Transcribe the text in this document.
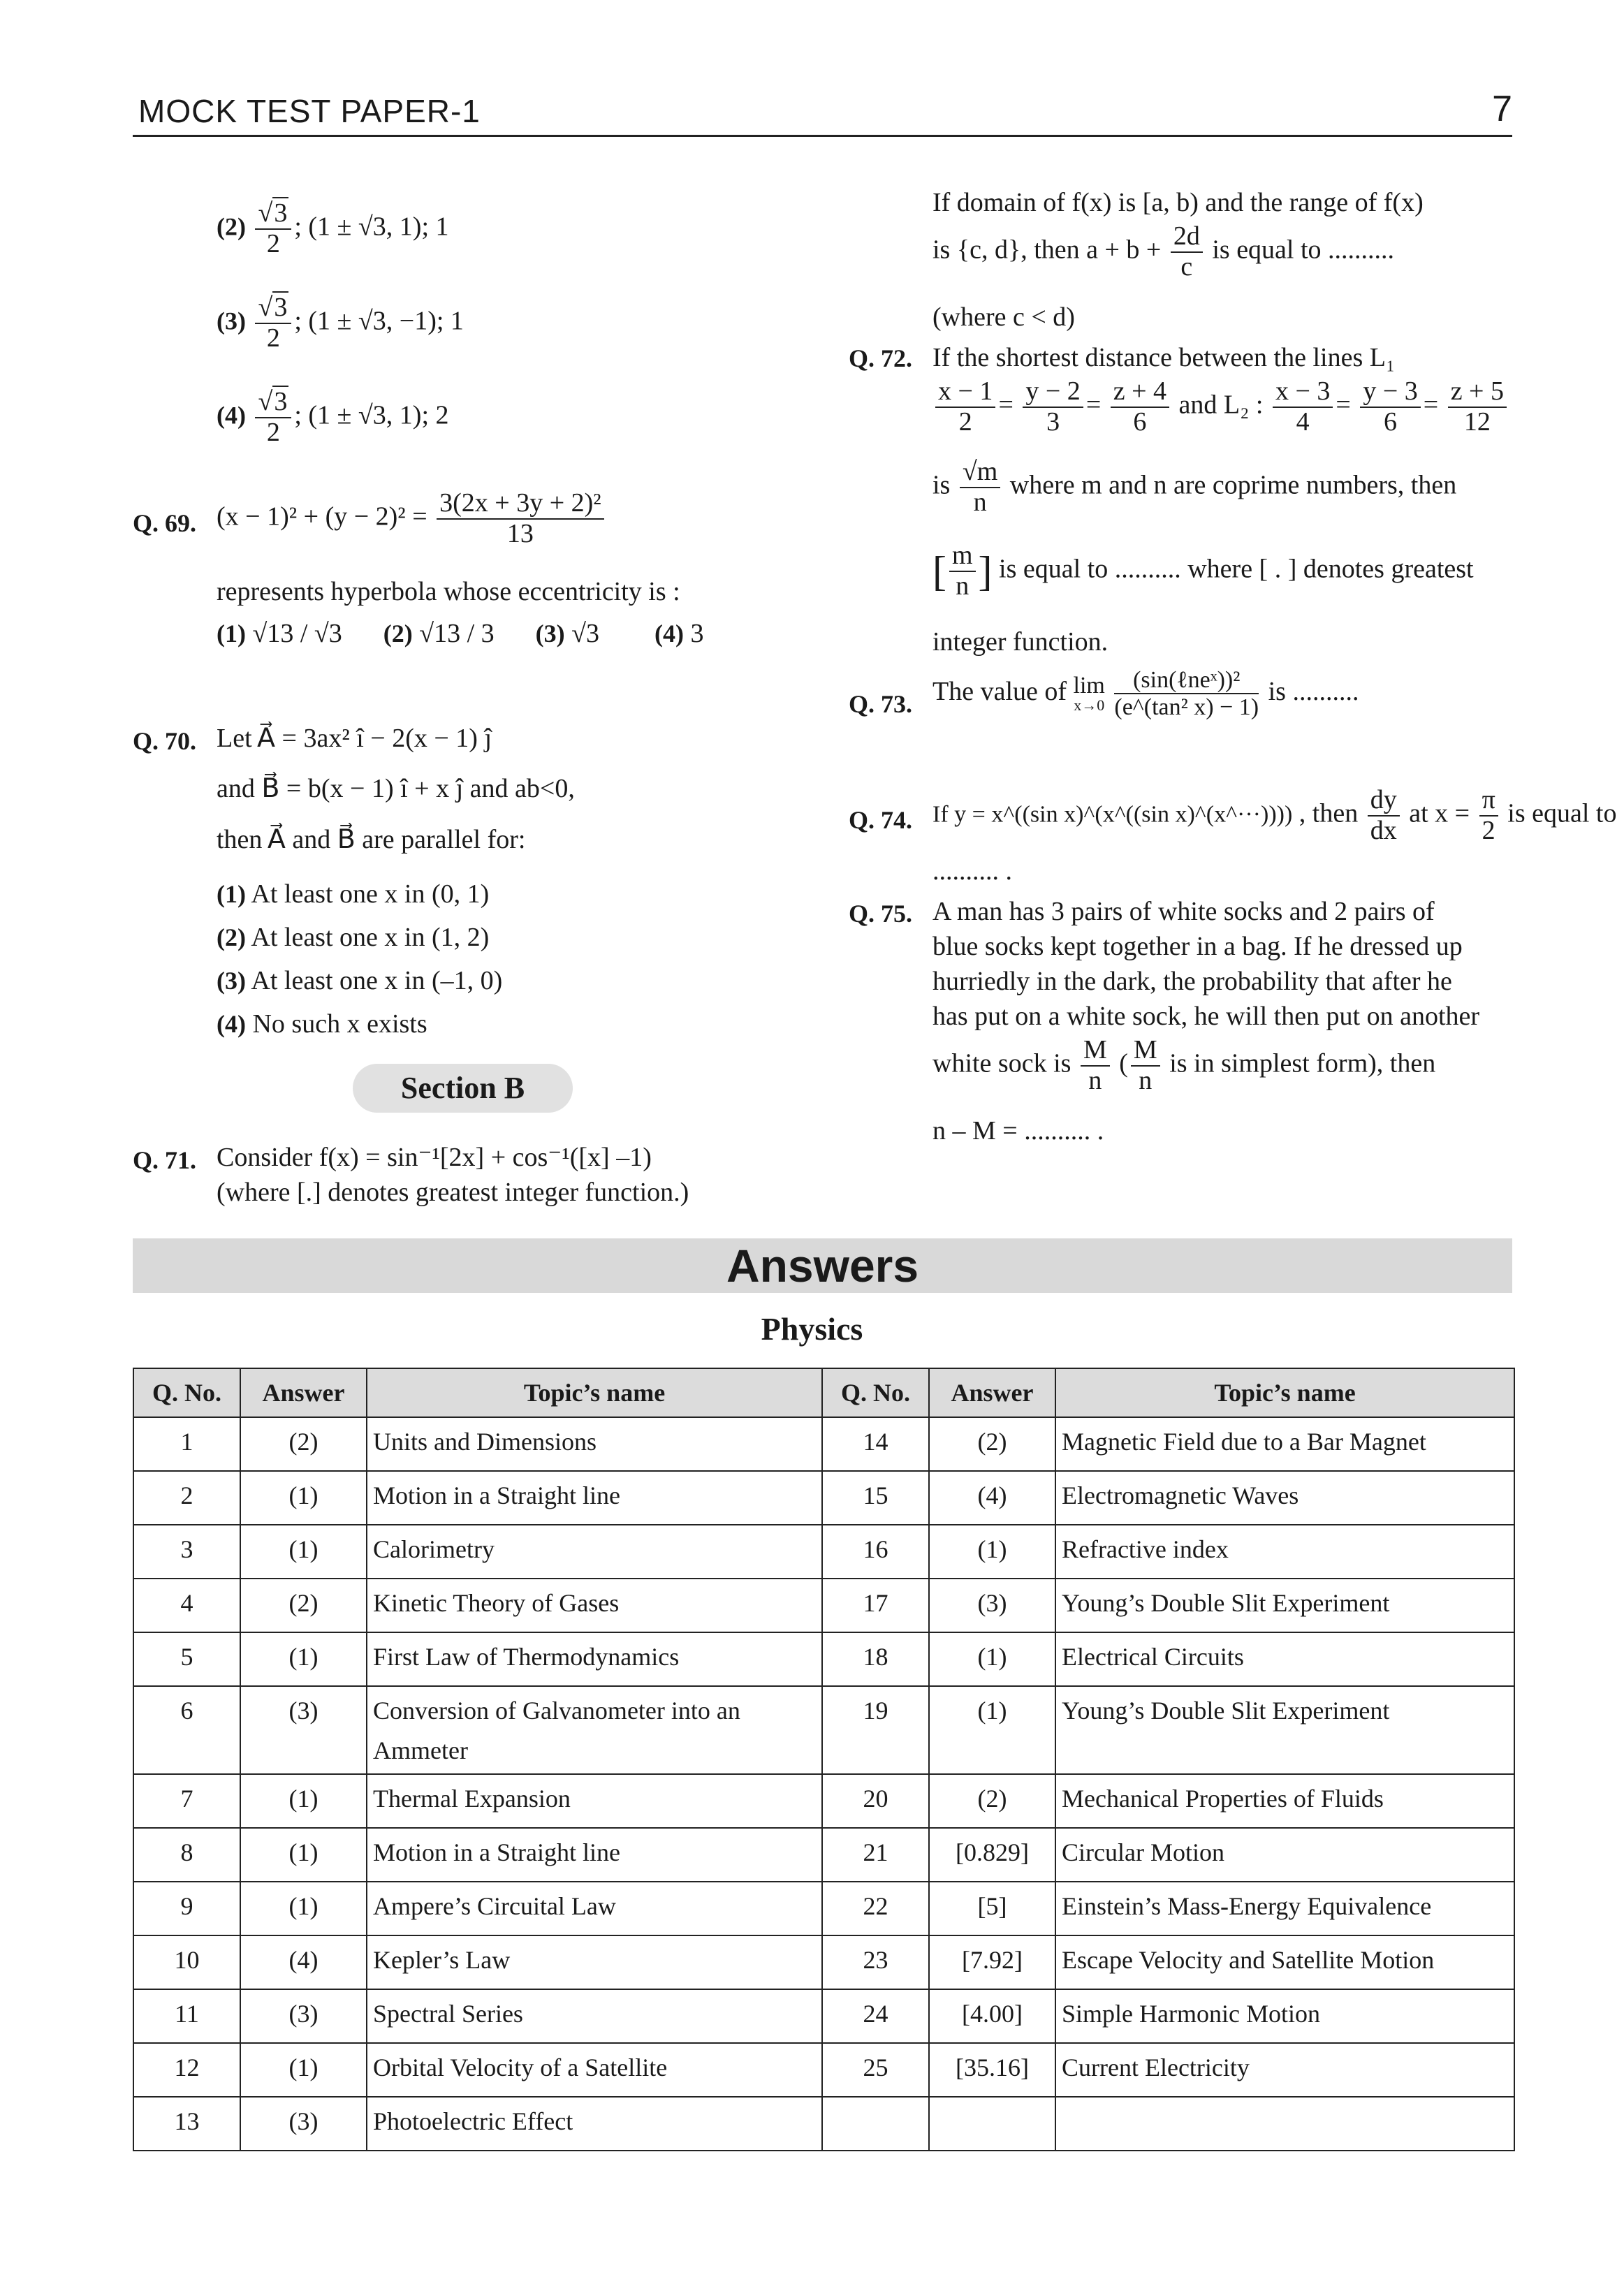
MOCK TEST PAPER-1	7
$(2) \frac{√3}{2}$ ; (1 ± √3, 1); 1
$(3) \frac{√3}{2}$ ; (1 ± √3, −1); 1
$(4) \frac{√3}{2}$ ; (1 ± √3, 1); 2
Q. 69. $(x - 1)^2 + (y - 2)^2 = \frac{\text{3(2x + 3y + 2)²}}{13}$
represents hyperbola whose eccentricity is :
(1) √13 / √3 (2) √13 / 3 (3) √3 (4) 3
Q. 70. Let A⃗ = 3ax² î − 2(x − 1) ĵ
and B⃗ = b(x − 1) î + x ĵ and ab<0,
then A⃗ and B⃗ are parallel for:
(1) At least one x in (0, 1)
(2) At least one x in (1, 2)
(3) At least one x in (–1, 0)
(4) No such x exists
Section B
Q. 71. Consider f(x) = sin⁻¹[2x] + cos⁻¹([x] –1)
(where [.] denotes greatest integer function.)
If domain of f(x) is [a, b) and the range of f(x)
is {c, d}, then $a + b + \frac{2d}{c}$ is equal to ..........
(where c < d)
Q. 72. If the shortest distance between the lines L₁
$\frac{x - 1}{2} = \frac{y - 2}{3} = \frac{z + 4}{6}$ and L₂ : $\frac{x - 3}{4} = \frac{y - 3}{6} = \frac{z + 5}{12}$
is $\frac{√m}{n}$ where m and n are coprime numbers, then
[ $\frac{m}{n}$ ] is equal to .......... where [ . ] denotes greatest
integer function.
Q. 73. The value of lim
x→0
$\frac{\text{(sin(ℓnеˣ))²}}{\text{(e\textasciicircum{}(tan² x) − 1)}}$ is ..........
Q. 74. If y = x^((sin x)^(x^((sin x)^(x^···)))) , then $\frac{dy}{dx}$ at $x = \frac{\pi}{2}$ is equal to
.......... .
Q. 75. A man has 3 pairs of white socks and 2 pairs of
blue socks kept together in a bag. If he dressed up
hurriedly in the dark, the probability that after he
has put on a white sock, he will then put on another
white sock is $\frac{M}{n}$ ( $\frac{M}{n}$ is in simplest form), then
n – M = .......... .
Answers
Physics
Q. No.	Answer	Topic’s name	Q. No.	Answer	Topic’s name
1	(2)	Units and Dimensions	14	(2)	Magnetic Field due to a Bar Magnet
2	(1)	Motion in a Straight line	15	(4)	Electromagnetic Waves
3	(1)	Calorimetry	16	(1)	Refractive index
4	(2)	Kinetic Theory of Gases	17	(3)	Young’s Double Slit Experiment
5	(1)	First Law of Thermodynamics	18	(1)	Electrical Circuits
6	(3)	Conversion of Galvanometer into an Ammeter	19	(1)	Young’s Double Slit Experiment
7	(1)	Thermal Expansion	20	(2)	Mechanical Properties of Fluids
8	(1)	Motion in a Straight line	21	[0.829]	Circular Motion
9	(1)	Ampere’s Circuital Law	22	[5]	Einstein’s Mass-Energy Equivalence
10	(4)	Kepler’s Law	23	[7.92]	Escape Velocity and Satellite Motion
11	(3)	Spectral Series	24	[4.00]	Simple Harmonic Motion
12	(1)	Orbital Velocity of a Satellite	25	[35.16]	Current Electricity
13	(3)	Photoelectric Effect			
